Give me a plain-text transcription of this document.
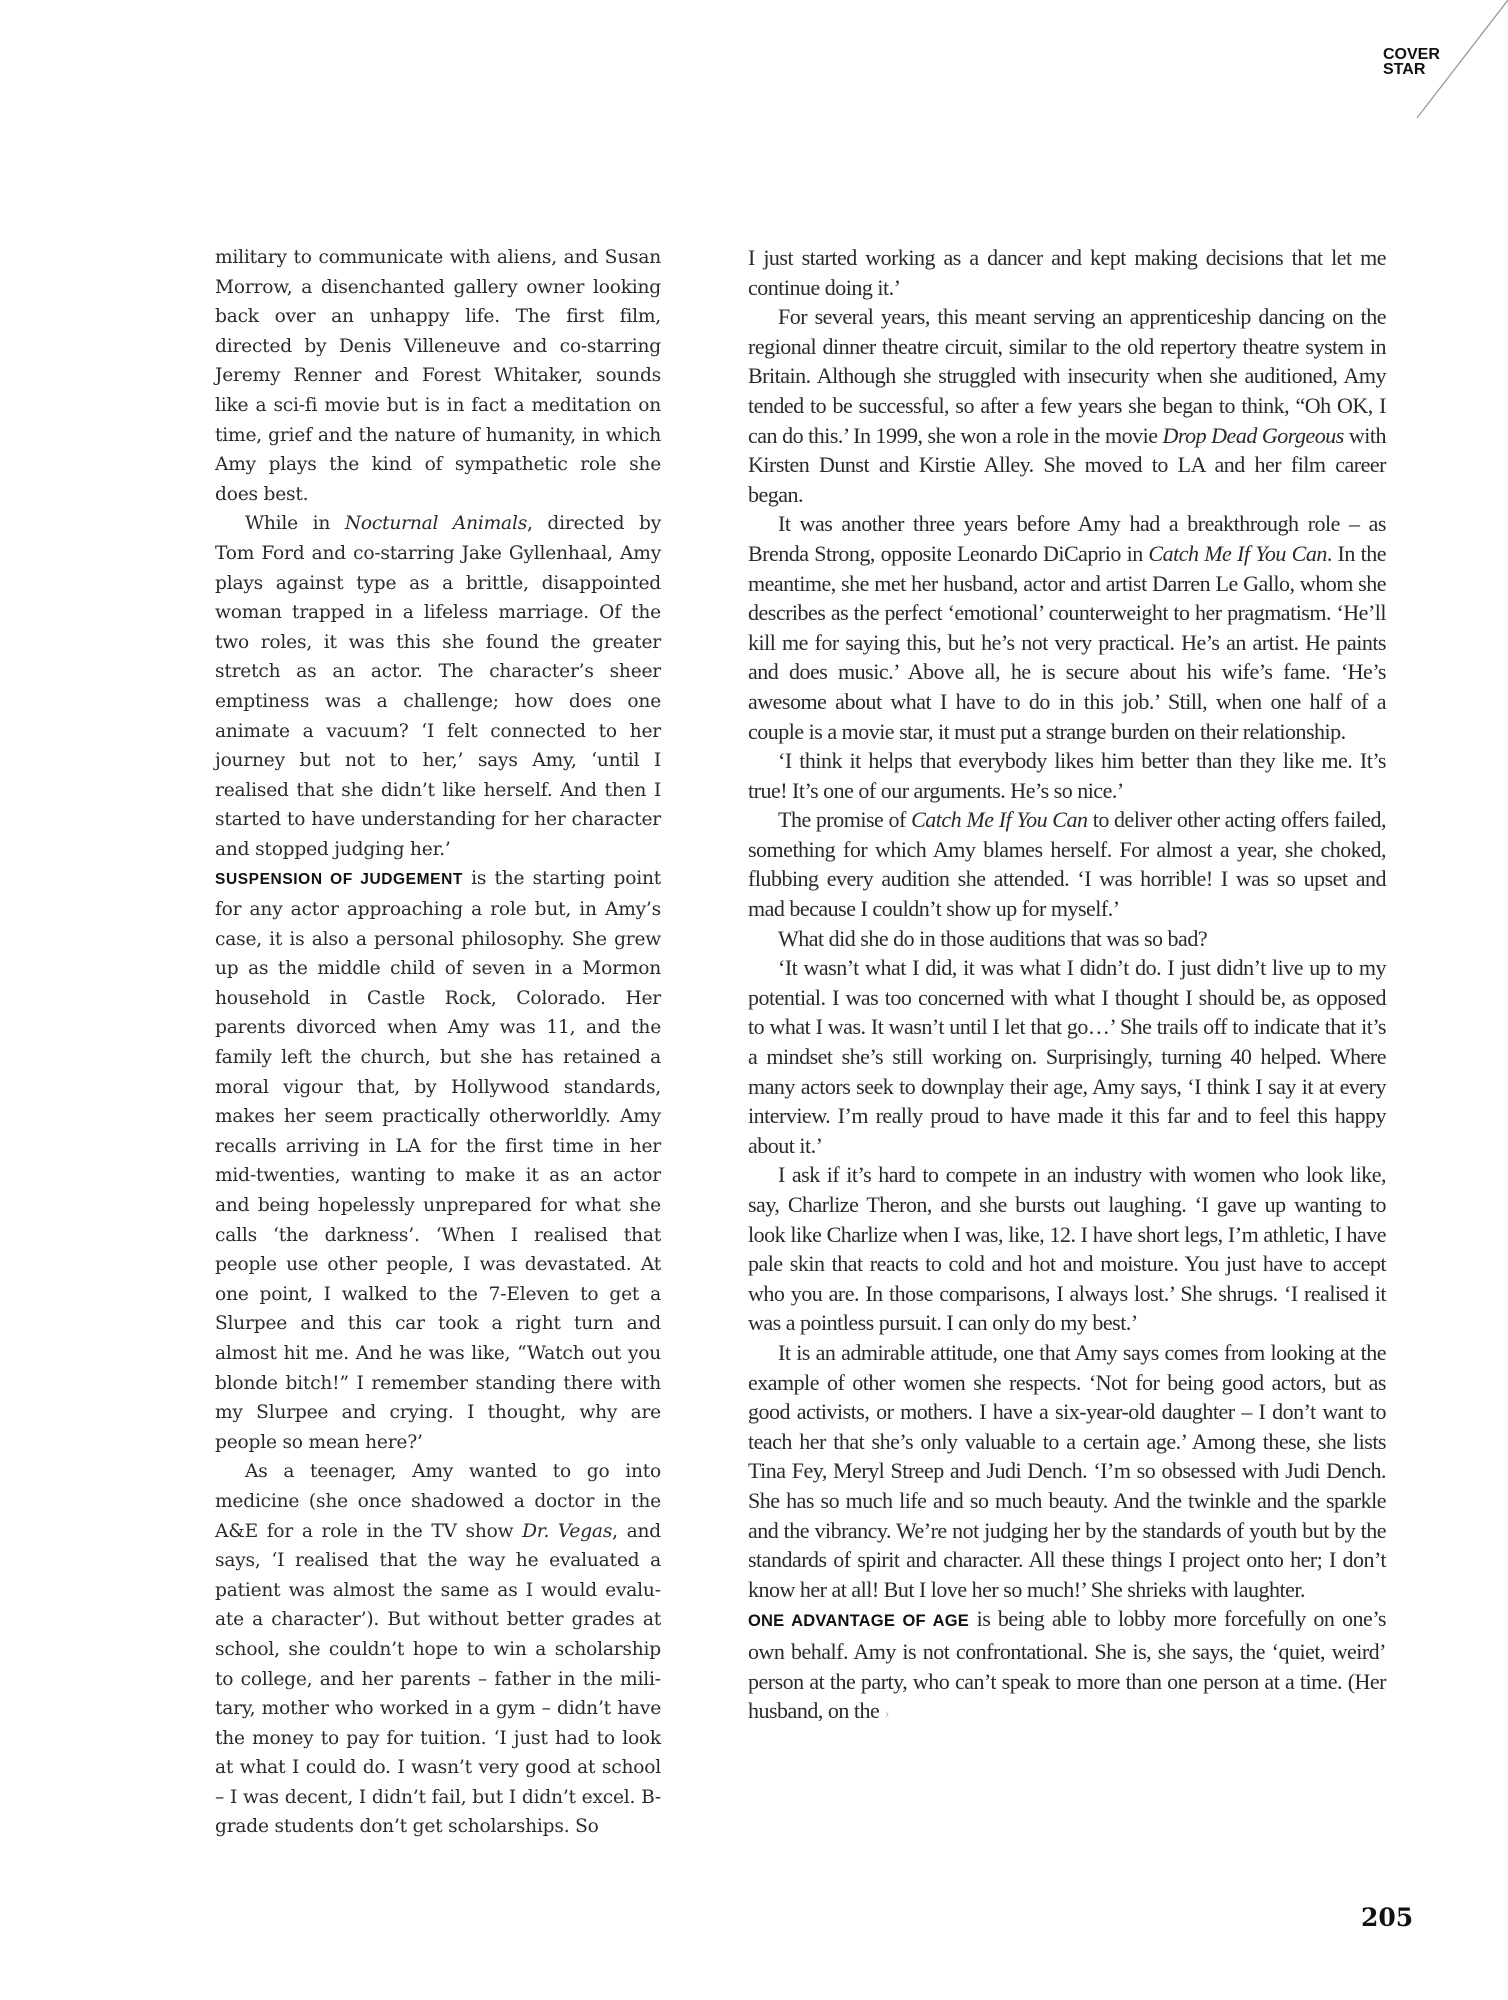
COVER
STAR

military to communicate with aliens, and Susan Morrow, a disenchanted gallery owner looking back over an unhappy life. The first film, directed by Denis Villeneuve and co-starring Jeremy Renner and Forest Whitaker, sounds like a sci-fi movie but is in fact a meditation on time, grief and the nature of humanity, in which Amy plays the kind of sympathetic role she does best.

While in Nocturnal Animals, directed by Tom Ford and co-starring Jake Gyllenhaal, Amy plays against type as a brittle, disappointed woman trapped in a lifeless marriage. Of the two roles, it was this she found the greater stretch as an actor. The character’s sheer emptiness was a challenge; how does one animate a vacuum? ‘I felt connected to her journey but not to her,’ says Amy, ‘until I realised that she didn’t like herself. And then I started to have understanding for her character and stopped judging her.’

SUSPENSION OF JUDGEMENT is the starting point for any actor approaching a role but, in Amy’s case, it is also a personal philosophy. She grew up as the middle child of seven in a Mormon household in Castle Rock, Colorado. Her parents divorced when Amy was 11, and the family left the church, but she has retained a moral vigour that, by Hollywood standards, makes her seem practically otherworldly. Amy recalls arriving in LA for the first time in her mid-twenties, wanting to make it as an actor and being hopelessly unprepared for what she calls ‘the darkness’. ‘When I realised that people use other people, I was devastated. At one point, I walked to the 7-Eleven to get a Slurpee and this car took a right turn and almost hit me. And he was like, “Watch out you blonde bitch!” I remember standing there with my Slurpee and crying. I thought, why are people so mean here?’

As a teenager, Amy wanted to go into medicine (she once shadowed a doctor in the A&E for a role in the TV show Dr. Vegas, and says, ‘I realised that the way he evaluated a patient was almost the same as I would evaluate a character’). But without better grades at school, she couldn’t hope to win a scholarship to college, and her parents – father in the military, mother who worked in a gym – didn’t have the money to pay for tuition. ‘I just had to look at what I could do. I wasn’t very good at school – I was decent, I didn’t fail, but I didn’t excel. B-grade students don’t get scholarships. So

I just started working as a dancer and kept making decisions that let me continue doing it.’

For several years, this meant serving an apprenticeship dancing on the regional dinner theatre circuit, similar to the old repertory theatre system in Britain. Although she struggled with insecurity when she auditioned, Amy tended to be successful, so after a few years she began to think, “Oh OK, I can do this.’ In 1999, she won a role in the movie Drop Dead Gorgeous with Kirsten Dunst and Kirstie Alley. She moved to LA and her film career began.

It was another three years before Amy had a breakthrough role – as Brenda Strong, opposite Leonardo DiCaprio in Catch Me If You Can. In the meantime, she met her husband, actor and artist Darren Le Gallo, whom she describes as the perfect ‘emotional’ counterweight to her pragmatism. ‘He’ll kill me for saying this, but he’s not very practical. He’s an artist. He paints and does music.’ Above all, he is secure about his wife’s fame. ‘He’s awesome about what I have to do in this job.’ Still, when one half of a couple is a movie star, it must put a strange burden on their relationship.

‘I think it helps that everybody likes him better than they like me. It’s true! It’s one of our arguments. He’s so nice.’

The promise of Catch Me If You Can to deliver other acting offers failed, something for which Amy blames herself. For almost a year, she choked, flubbing every audition she attended. ‘I was horrible! I was so upset and mad because I couldn’t show up for myself.’

What did she do in those auditions that was so bad?

‘It wasn’t what I did, it was what I didn’t do. I just didn’t live up to my potential. I was too concerned with what I thought I should be, as opposed to what I was. It wasn’t until I let that go…’ She trails off to indicate that it’s a mindset she’s still working on. Surprisingly, turning 40 helped. Where many actors seek to downplay their age, Amy says, ‘I think I say it at every interview. I’m really proud to have made it this far and to feel this happy about it.’

I ask if it’s hard to compete in an industry with women who look like, say, Charlize Theron, and she bursts out laughing. ‘I gave up wanting to look like Charlize when I was, like, 12. I have short legs, I’m athletic, I have pale skin that reacts to cold and hot and moisture. You just have to accept who you are. In those comparisons, I always lost.’ She shrugs. ‘I realised it was a pointless pursuit. I can only do my best.’

It is an admirable attitude, one that Amy says comes from looking at the example of other women she respects. ‘Not for being good actors, but as good activists, or mothers. I have a six-year-old daughter – I don’t want to teach her that she’s only valuable to a certain age.’ Among these, she lists Tina Fey, Meryl Streep and Judi Dench. ‘I’m so obsessed with Judi Dench. She has so much life and so much beauty. And the twinkle and the sparkle and the vibrancy. We’re not judging her by the standards of youth but by the standards of spirit and character. All these things I project onto her; I don’t know her at all! But I love her so much!’ She shrieks with laughter.

ONE ADVANTAGE OF AGE is being able to lobby more forcefully on one’s own behalf. Amy is not confrontational. She is, she says, the ‘quiet, weird’ person at the party, who can’t speak to more than one person at a time. (Her husband, on the ›

205
